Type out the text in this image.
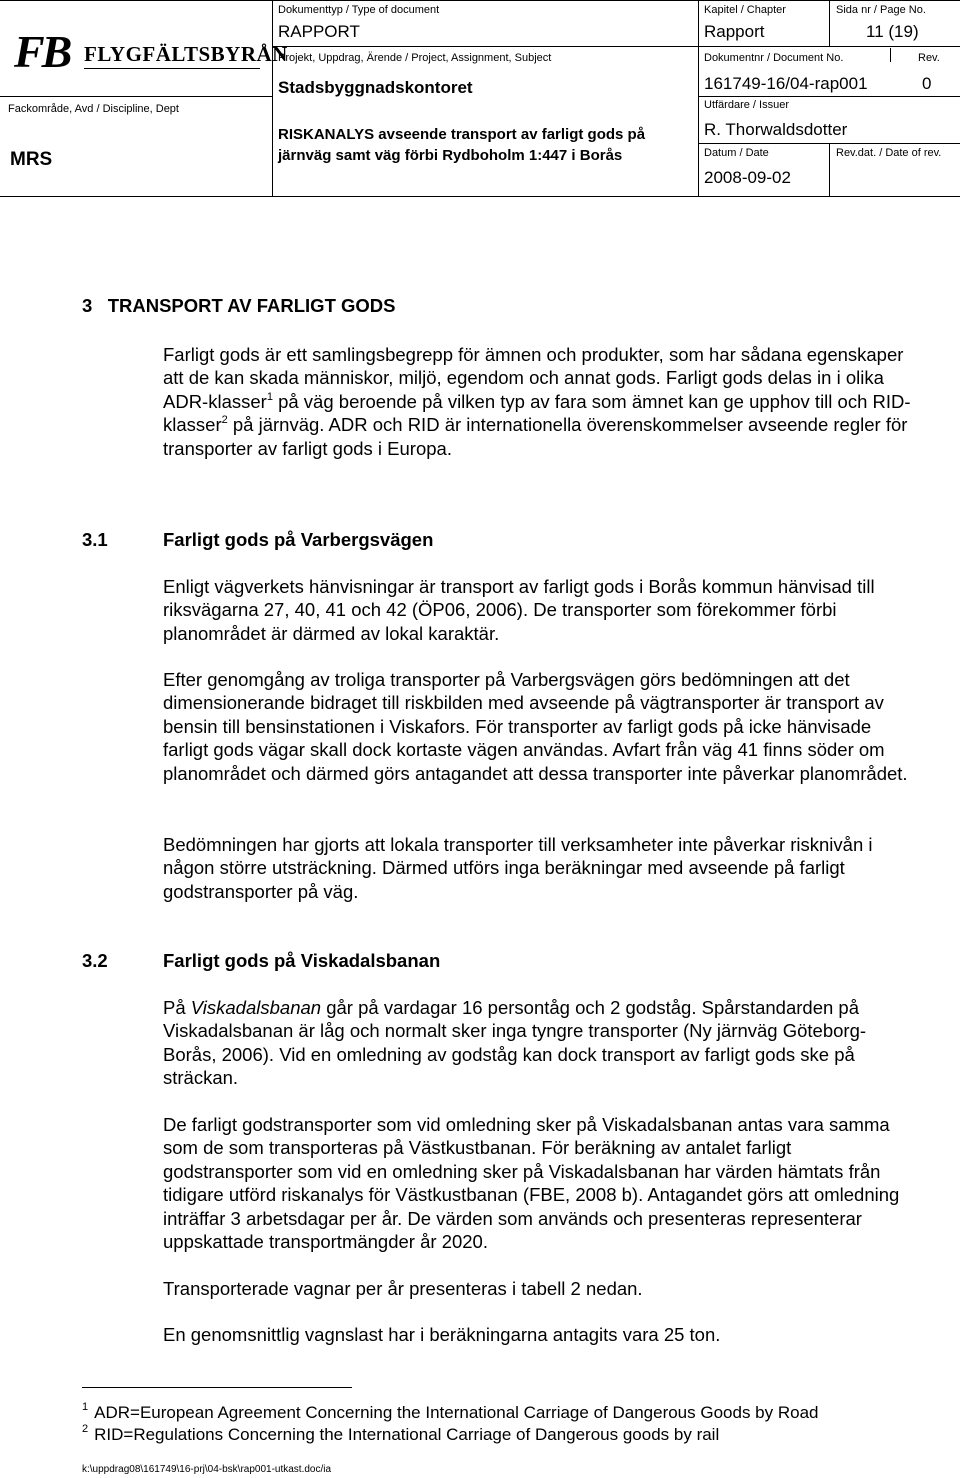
FB FLYGFÄLTSBYRÅN
Fackområde, Avd / Discipline, Dept
MRS
Dokumenttyp / Type of document
RAPPORT
Kapitel / Chapter
Rapport
Sida nr / Page No.
11 (19)
Projekt, Uppdrag, Ärende / Project, Assignment, Subject
Stadsbyggnadskontoret
RISKANALYS avseende transport av farligt gods på järnväg samt väg förbi Rydboholm 1:447 i Borås
Dokumentnr / Document No.	Rev.
161749-16/04-rap001	0
Utfärdare / Issuer
R. Thorwaldsdotter
Datum / Date
2008-09-02
Rev.dat. / Date of rev.
3   TRANSPORT AV FARLIGT GODS
Farligt gods är ett samlingsbegrepp för ämnen och produkter, som har sådana egenskaper att de kan skada människor, miljö, egendom och annat gods. Farligt gods delas in i olika ADR-klasser$^1$ på väg beroende på vilken typ av fara som ämnet kan ge upphov till och RID-klasser$^2$ på järnväg. ADR och RID är internationella överenskommelser avseende regler för transporter av farligt gods i Europa.
3.1	Farligt gods på Varbergsvägen
Enligt vägverkets hänvisningar är transport av farligt gods i Borås kommun hänvisad till riksvägarna 27, 40, 41 och 42 (ÖP06, 2006). De transporter som förekommer förbi planområdet är därmed av lokal karaktär.
Efter genomgång av troliga transporter på Varbergsvägen görs bedömningen att det dimensionerande bidraget till riskbilden med avseende på vägtransporter är transport av bensin till bensinstationen i Viskafors. För transporter av farligt gods på icke hänvisade farligt gods vägar skall dock kortaste vägen användas. Avfart från väg 41 finns söder om planområdet och därmed görs antagandet att dessa transporter inte påverkar planområdet.
Bedömningen har gjorts att lokala transporter till verksamheter inte påverkar risknivån i någon större utsträckning. Därmed utförs inga beräkningar med avseende på farligt godstransporter på väg.
3.2	Farligt gods på Viskadalsbanan
På Viskadalsbanan går på vardagar 16 persontåg och 2 godståg. Spårstandarden på Viskadalsbanan är låg och normalt sker inga tyngre transporter (Ny järnväg Göteborg-Borås, 2006). Vid en omledning av godståg kan dock transport av farligt gods ske på sträckan.
De farligt godstransporter som vid omledning sker på Viskadalsbanan antas vara samma som de som transporteras på Västkustbanan. För beräkning av antalet farligt godstransporter som vid en omledning sker på Viskadalsbanan har värden hämtats från tidigare utförd riskanalys för Västkustbanan (FBE, 2008 b). Antagandet görs att omledning inträffar 3 arbetsdagar per år. De värden som används och presenteras representerar uppskattade transportmängder år 2020.
Transporterade vagnar per år presenteras i tabell 2 nedan.
En genomsnittlig vagnslast har i beräkningarna antagits vara 25 ton.
$^1$ ADR=European Agreement Concerning the International Carriage of Dangerous Goods by Road
$^2$ RID=Regulations Concerning the International Carriage of Dangerous goods by rail
k:\uppdrag08\161749\16-prj\04-bsk\rap001-utkast.doc/ia
